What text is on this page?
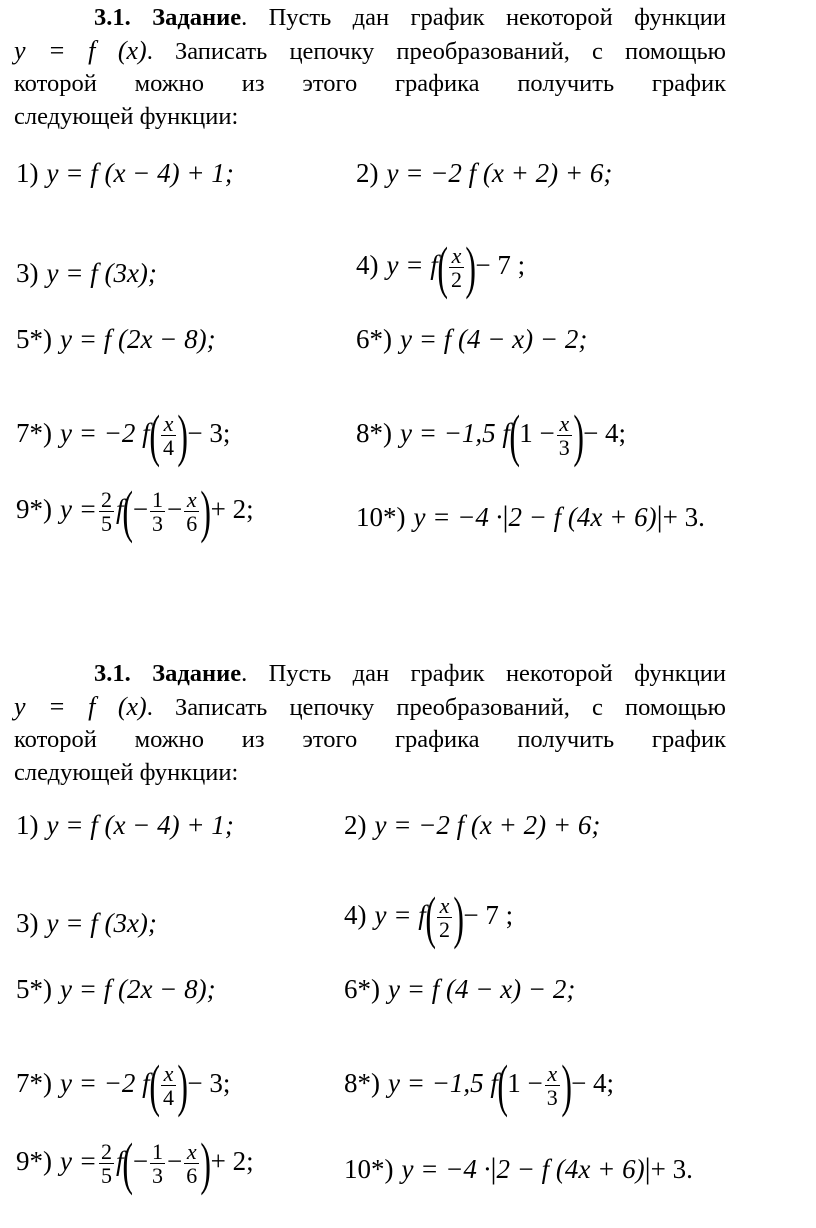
3.1. Задание. Пусть дан график некоторой функции

y = f (x). Записать цепочку преобразований, с помощью

которой можно из этого графика получить график

следующей функции:

1) y = f (x − 4) + 1;	2) y = −2 f (x + 2) + 6;
3) y = f (3x);	4) $y = f( \frac{x}{2}$ )− 7 ;
5*) y = f (2x − 8);	6*) y = f (4 − x) − 2;
7*) y = −2 $f( \frac{x}{4}$ )− 3;	8*) y = −1,5 $f(1 - \frac{x}{3}$ )− 4;
9*) $y = \frac{2}{5} f(- \frac{1}{3} - \frac{x}{6}$ )+ 2;	10*) y = −4 ·|2 − f (4x + 6)|+ 3.

3.1. Задание. Пусть дан график некоторой функции

y = f (x). Записать цепочку преобразований, с помощью

которой можно из этого графика получить график

следующей функции:

1) y = f (x − 4) + 1;	2) y = −2 f (x + 2) + 6;
3) y = f (3x);	4) $y = f( \frac{x}{2}$ )− 7 ;
5*) y = f (2x − 8);	6*) y = f (4 − x) − 2;
7*) y = −2 $f( \frac{x}{4}$ )− 3;	8*) y = −1,5 $f(1 - \frac{x}{3}$ )− 4;
9*) $y = \frac{2}{5} f(- \frac{1}{3} - \frac{x}{6}$ )+ 2;	10*) y = −4 ·|2 − f (4x + 6)|+ 3.
